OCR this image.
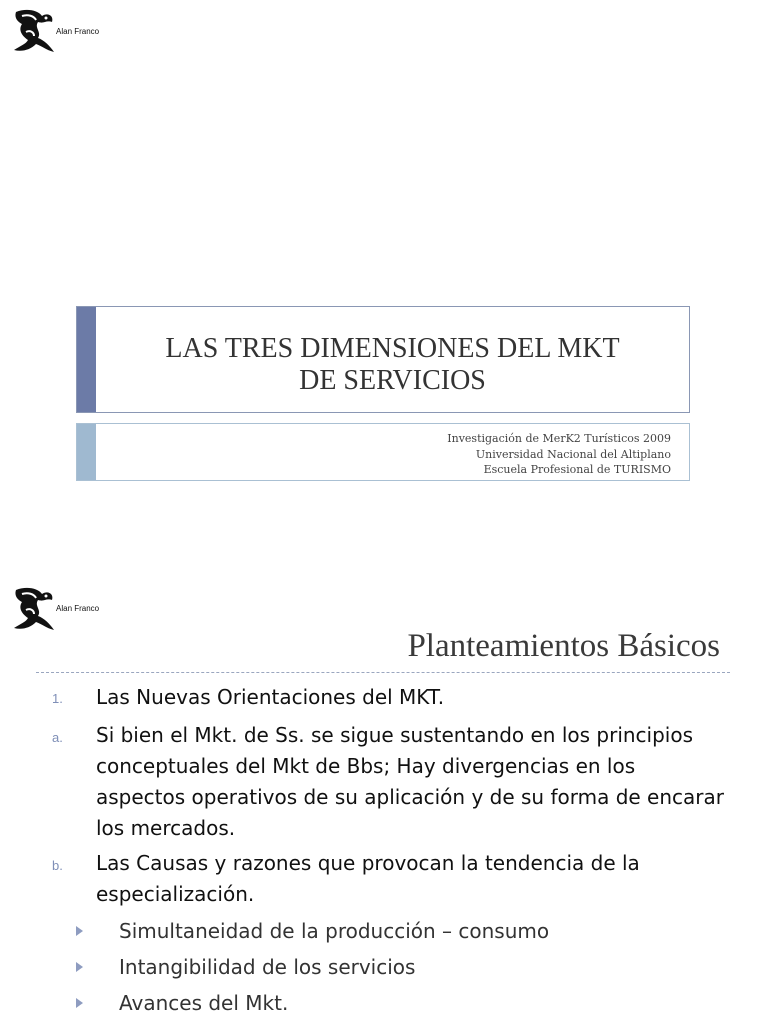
Alan Franco
LAS TRES DIMENSIONES DEL MKT
DE SERVICIOS
Investigación de MerK2 Turísticos 2009
Universidad Nacional del Altiplano
Escuela Profesional de TURISMO
Alan Franco
Planteamientos Básicos
1. Las Nuevas Orientaciones del MKT.
a. Si bien el Mkt. de Ss. se sigue sustentando en los principios conceptuales del Mkt de Bbs; Hay divergencias en los aspectos operativos de su aplicación y de su forma de encarar los mercados.
b. Las Causas y razones que provocan la tendencia de la especialización.
Simultaneidad de la producción – consumo
Intangibilidad de los servicios
Avances del Mkt.
